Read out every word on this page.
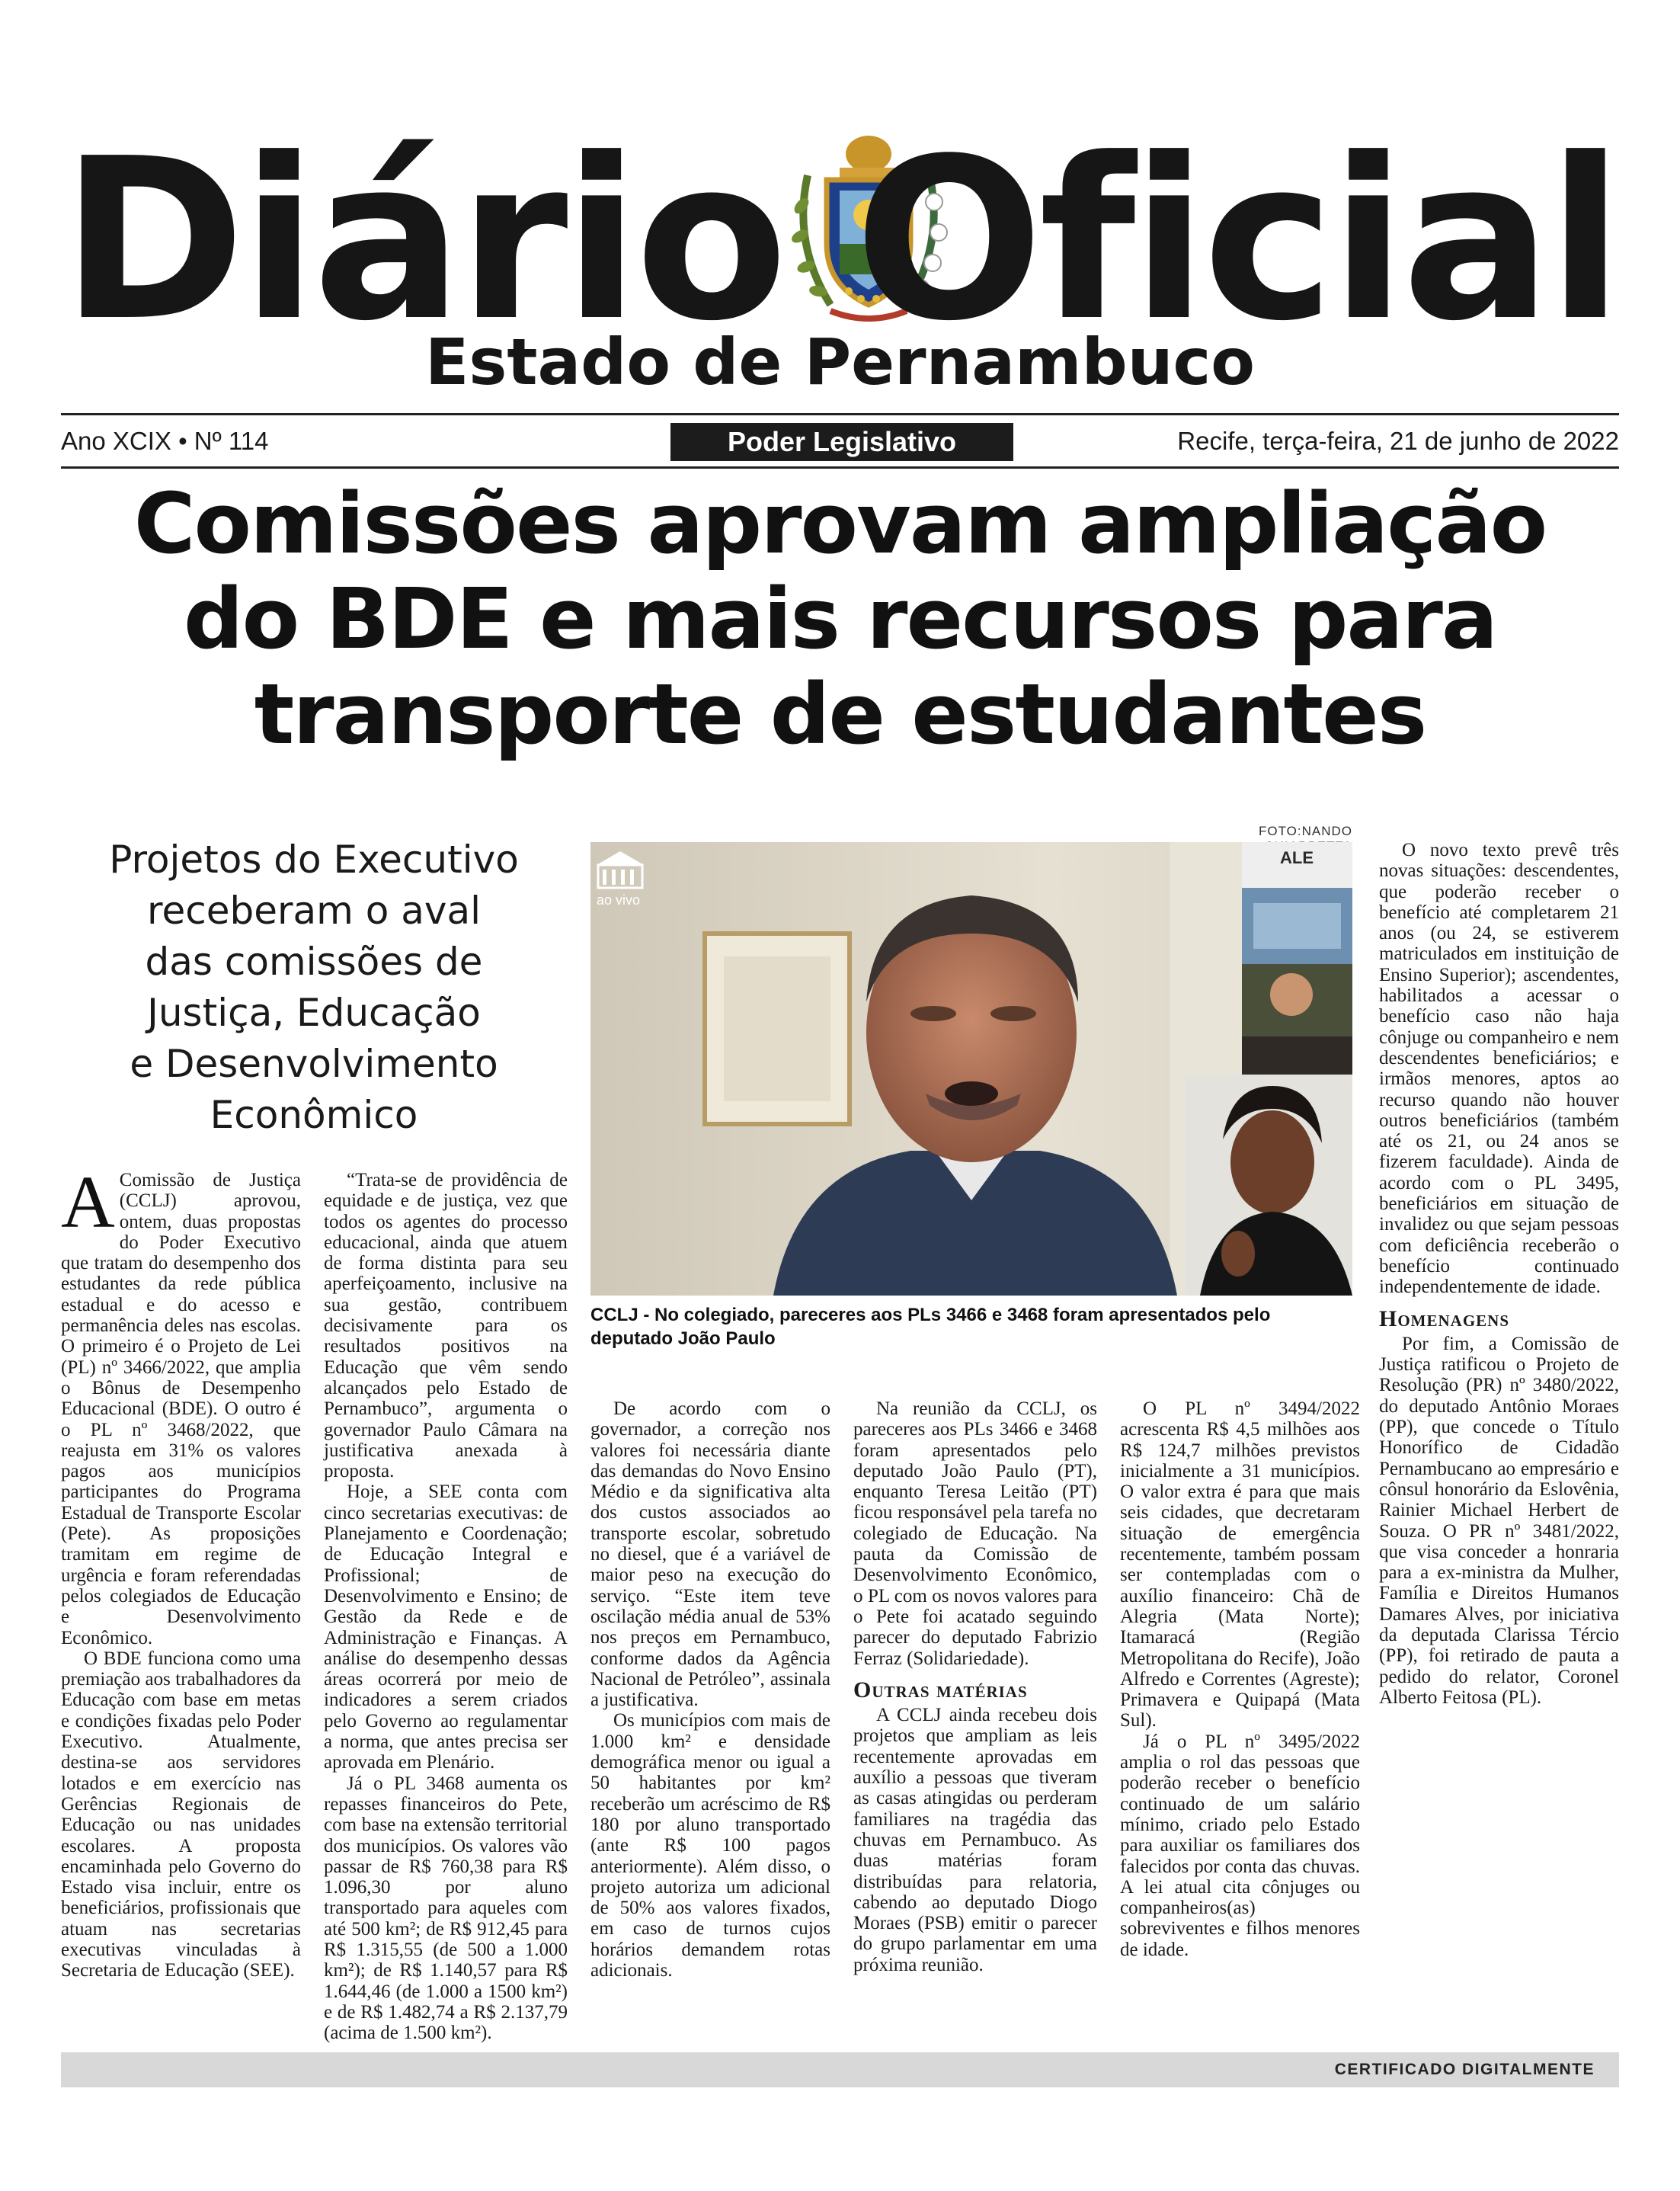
Diário Oficial
Estado de Pernambuco
Ano XCIX • Nº 114	Poder Legislativo	Recife, terça-feira, 21 de junho de 2022
Comissões aprovam ampliação
do BDE e mais recursos para
transporte de estudantes
Projetos do Executivo
receberam o aval
das comissões de
Justiça, Educação
e Desenvolvimento
Econômico
FOTO:NANDO
ao vivo
ALE
CCLJ - No colegiado, pareceres aos PLs 3466 e 3468 foram apresentados pelo deputado João Paulo

A Comissão de Justiça (CCLJ) aprovou, ontem, duas propostas do Poder Executivo que tratam do desempenho dos estudantes da rede pública estadual e do acesso e permanência deles nas escolas. O primeiro é o Projeto de Lei (PL) nº 3466/2022, que amplia o Bônus de Desempenho Educacional (BDE). O outro é o PL nº 3468/2022, que reajusta em 31% os valores pagos aos municípios participantes do Programa Estadual de Transporte Escolar (Pete). As proposições tramitam em regime de urgência e foram referendadas pelos colegiados de Educação e Desenvolvimento Econômico.

O BDE funciona como uma premiação aos trabalhadores da Educação com base em metas e condições fixadas pelo Poder Executivo. Atualmente, destina-se aos servidores lotados e em exercício nas Gerências Regionais de Educação ou nas unidades escolares. A proposta encaminhada pelo Governo do Estado visa incluir, entre os beneficiários, profissionais que atuam nas secretarias executivas vinculadas à Secretaria de Educação (SEE).

“Trata-se de providência de equidade e de justiça, vez que todos os agentes do processo educacional, ainda que atuem de forma distinta para seu aperfeiçoamento, inclusive na sua gestão, contribuem decisivamente para os resultados positivos na Educação que vêm sendo alcançados pelo Estado de Pernambuco”, argumenta o governador Paulo Câmara na justificativa anexada à proposta.

Hoje, a SEE conta com cinco secretarias executivas: de Planejamento e Coordenação; de Educação Integral e Profissional; de Desenvolvimento e Ensino; de Gestão da Rede e de Administração e Finanças. A análise do desempenho dessas áreas ocorrerá por meio de indicadores a serem criados pelo Governo ao regulamentar a norma, que antes precisa ser aprovada em Plenário.

Já o PL 3468 aumenta os repasses financeiros do Pete, com base na extensão territorial dos municípios. Os valores vão passar de R$ 760,38 para R$ 1.096,30 por aluno transportado para aqueles com até 500 km²; de R$ 912,45 para R$ 1.315,55 (de 500 a 1.000 km²); de R$ 1.140,57 para R$ 1.644,46 (de 1.000 a 1500 km²) e de R$ 1.482,74 a R$ 2.137,79 (acima de 1.500 km²).

De acordo com o governador, a correção nos valores foi necessária diante das demandas do Novo Ensino Médio e da significativa alta dos custos associados ao transporte escolar, sobretudo no diesel, que é a variável de maior peso na execução do serviço. “Este item teve oscilação média anual de 53% nos preços em Pernambuco, conforme dados da Agência Nacional de Petróleo”, assinala a justificativa.

Os municípios com mais de 1.000 km² e densidade demográfica menor ou igual a 50 habitantes por km² receberão um acréscimo de R$ 180 por aluno transportado (ante R$ 100 pagos anteriormente). Além disso, o projeto autoriza um adicional de 50% aos valores fixados, em caso de turnos cujos horários demandem rotas adicionais.

Na reunião da CCLJ, os pareceres aos PLs 3466 e 3468 foram apresentados pelo deputado João Paulo (PT), enquanto Teresa Leitão (PT) ficou responsável pela tarefa no colegiado de Educação. Na pauta da Comissão de Desenvolvimento Econômico, o PL com os novos valores para o Pete foi acatado seguindo parecer do deputado Fabrizio Ferraz (Solidariedade).

Outras matérias

A CCLJ ainda recebeu dois projetos que ampliam as leis recentemente aprovadas em auxílio a pessoas que tiveram as casas atingidas ou perderam familiares na tragédia das chuvas em Pernambuco. As duas matérias foram distribuídas para relatoria, cabendo ao deputado Diogo Moraes (PSB) emitir o parecer do grupo parlamentar em uma próxima reunião.

O PL nº 3494/2022 acrescenta R$ 4,5 milhões aos R$ 124,7 milhões previstos inicialmente a 31 municípios. O valor extra é para que mais seis cidades, que decretaram situação de emergência recentemente, também possam ser contempladas com o auxílio financeiro: Chã de Alegria (Mata Norte); Itamaracá (Região Metropolitana do Recife), João Alfredo e Correntes (Agreste); Primavera e Quipapá (Mata Sul).

Já o PL nº 3495/2022 amplia o rol das pessoas que poderão receber o benefício continuado de um salário mínimo, criado pelo Estado para auxiliar os familiares dos falecidos por conta das chuvas. A lei atual cita cônjuges ou companheiros(as) sobreviventes e filhos menores de idade.

O novo texto prevê três novas situações: descendentes, que poderão receber o benefício até completarem 21 anos (ou 24, se estiverem matriculados em instituição de Ensino Superior); ascendentes, habilitados a acessar o benefício caso não haja cônjuge ou companheiro e nem descendentes beneficiários; e irmãos menores, aptos ao recurso quando não houver outros beneficiários (também até os 21, ou 24 anos se fizerem faculdade). Ainda de acordo com o PL 3495, beneficiários em situação de invalidez ou que sejam pessoas com deficiência receberão o benefício continuado independentemente de idade.

Homenagens

Por fim, a Comissão de Justiça ratificou o Projeto de Resolução (PR) nº 3480/2022, do deputado Antônio Moraes (PP), que concede o Título Honorífico de Cidadão Pernambucano ao empresário e cônsul honorário da Eslovênia, Rainier Michael Herbert de Souza. O PR nº 3481/2022, que visa conceder a honraria para a ex-ministra da Mulher, Família e Direitos Humanos Damares Alves, por iniciativa da deputada Clarissa Tércio (PP), foi retirado de pauta a pedido do relator, Coronel Alberto Feitosa (PL).

CERTIFICADO DIGITALMENTE
